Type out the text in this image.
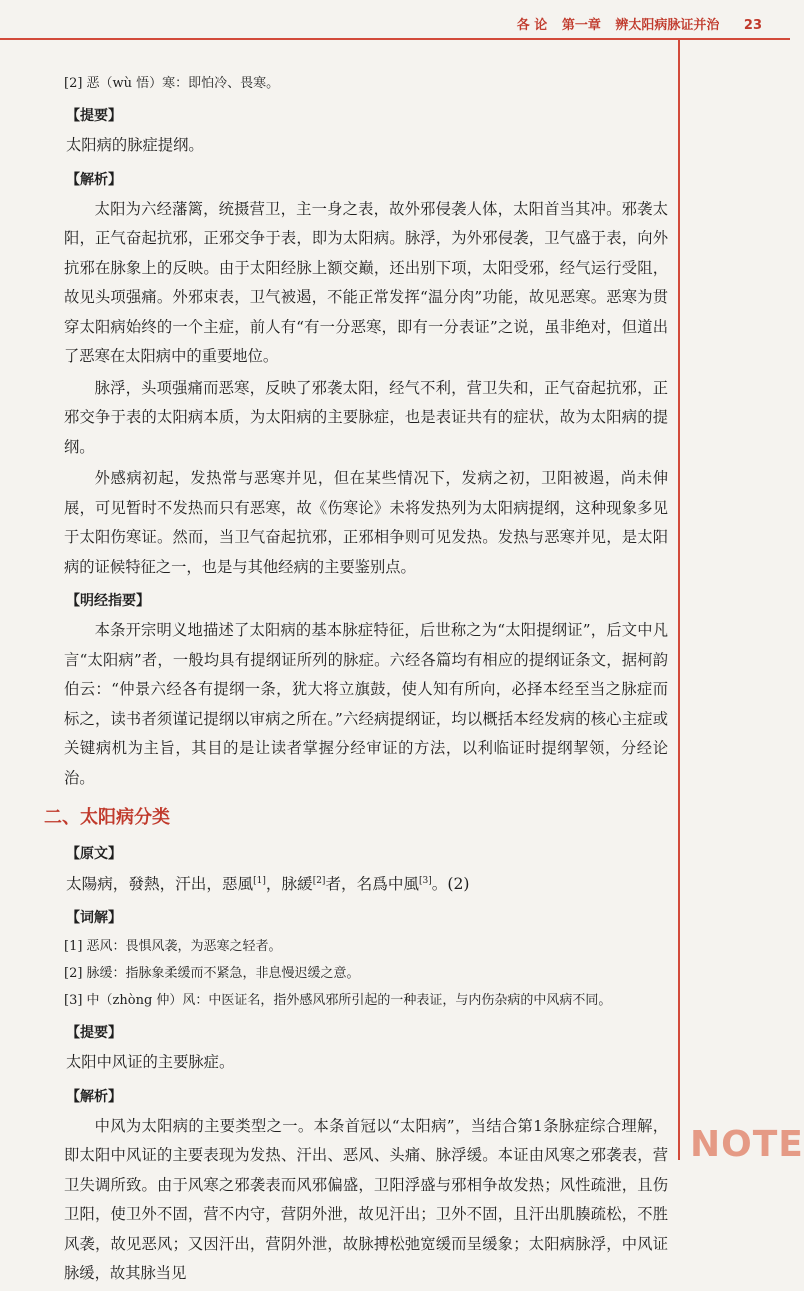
各 论 第一章 辨太阳病脉证并治 23
NOTE

[2] 恶（wù 悟）寒：即怕冷、畏寒。

【提要】

太阳病的脉症提纲。

【解析】

太阳为六经藩篱，统摄营卫，主一身之表，故外邪侵袭人体，太阳首当其冲。邪袭太阳，正气奋起抗邪，正邪交争于表，即为太阳病。脉浮，为外邪侵袭，卫气盛于表，向外抗邪在脉象上的反映。由于太阳经脉上额交巅，还出别下项，太阳受邪，经气运行受阻，故见头项强痛。外邪束表，卫气被遏，不能正常发挥“温分肉”功能，故见恶寒。恶寒为贯穿太阳病始终的一个主症，前人有“有一分恶寒，即有一分表证”之说，虽非绝对，但道出了恶寒在太阳病中的重要地位。

脉浮，头项强痛而恶寒，反映了邪袭太阳，经气不利，营卫失和，正气奋起抗邪，正邪交争于表的太阳病本质，为太阳病的主要脉症，也是表证共有的症状，故为太阳病的提纲。

外感病初起，发热常与恶寒并见，但在某些情况下，发病之初，卫阳被遏，尚未伸展，可见暂时不发热而只有恶寒，故《伤寒论》未将发热列为太阳病提纲，这种现象多见于太阳伤寒证。然而，当卫气奋起抗邪，正邪相争则可见发热。发热与恶寒并见，是太阳病的证候特征之一，也是与其他经病的主要鉴别点。

【明经指要】

本条开宗明义地描述了太阳病的基本脉症特征，后世称之为“太阳提纲证”，后文中凡言“太阳病”者，一般均具有提纲证所列的脉症。六经各篇均有相应的提纲证条文，据柯韵伯云：“仲景六经各有提纲一条，犹大将立旗鼓，使人知有所向，必择本经至当之脉症而标之，读书者须谨记提纲以审病之所在。”六经病提纲证，均以概括本经发病的核心主症或关键病机为主旨，其目的是让读者掌握分经审证的方法，以利临证时提纲挈领，分经论治。

二、太阳病分类
【原文】

太陽病，發熱，汗出，惡風[1]，脉緩[2]者，名爲中風[3]。(2)

【词解】

[1] 恶风：畏惧风袭，为恶寒之轻者。

[2] 脉缓：指脉象柔缓而不紧急，非息慢迟缓之意。

[3] 中（zhòng 仲）风：中医证名，指外感风邪所引起的一种表证，与内伤杂病的中风病不同。

【提要】

太阳中风证的主要脉症。

【解析】

中风为太阳病的主要类型之一。本条首冠以“太阳病”，当结合第1条脉症综合理解，即太阳中风证的主要表现为发热、汗出、恶风、头痛、脉浮缓。本证由风寒之邪袭表，营卫失调所致。由于风寒之邪袭表而风邪偏盛，卫阳浮盛与邪相争故发热；风性疏泄，且伤卫阳，使卫外不固，营不内守，营阴外泄，故见汗出；卫外不固，且汗出肌腠疏松，不胜风袭，故见恶风；又因汗出，营阴外泄，故脉搏松弛宽缓而呈缓象；太阳病脉浮，中风证脉缓，故其脉当见
